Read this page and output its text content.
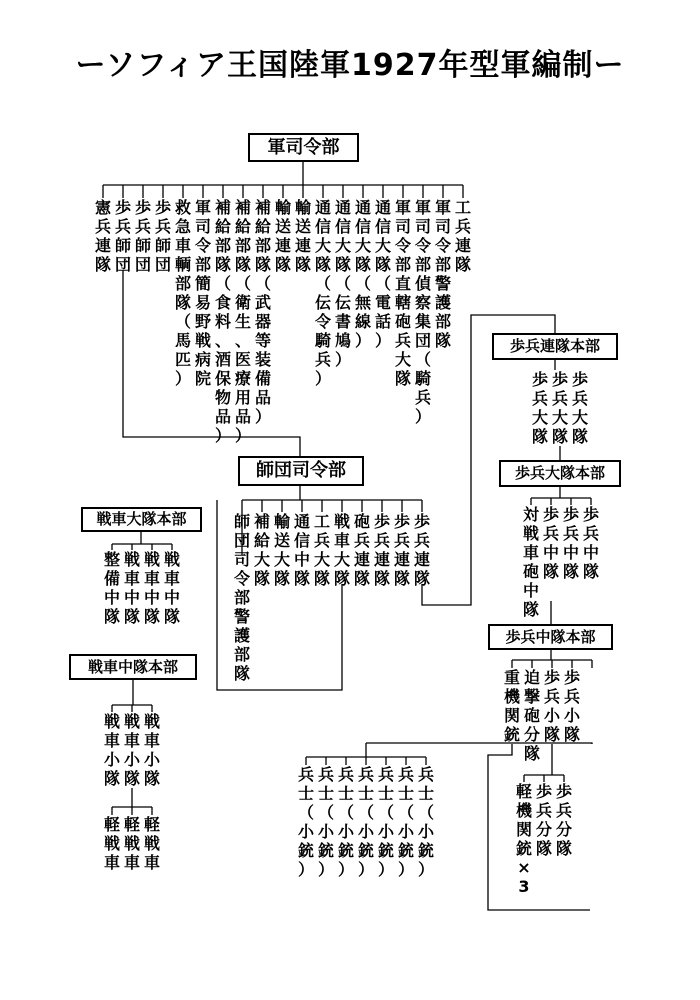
ーソフィア王国陸軍1927年型軍編制ー
軍司令部
師団司令部
戦車大隊本部
戦車中隊本部
歩兵連隊本部
歩兵大隊本部
歩兵中隊本部
憲
兵
連
隊
歩
兵
師
団
歩
兵
師
団
歩
兵
師
団
救
急
車
輌
部
隊
（
馬
匹
）
軍
司
令
部
簡
易
野
戦
病
院
補
給
部
隊
（
食
料
、
酒
保
物
品
）
補
給
部
隊
（
衛
生
、
医
療
用
品
）
補
給
部
隊
（
武
器
等
装
備
品
）
輸
送
連
隊
輸
送
連
隊
通
信
大
隊
（
伝
令
騎
兵
）
通
信
大
隊
（
伝
書
鳩
）
通
信
大
隊
（
無
線
）
通
信
大
隊
（
電
話
）
軍
司
令
部
直
轄
砲
兵
大
隊
軍
司
令
部
偵
察
集
団
（
騎
兵
）
軍
司
令
部
警
護
部
隊
工
兵
連
隊
師
団
司
令
部
警
護
部
隊
補
給
大
隊
輸
送
大
隊
通
信
中
隊
工
兵
大
隊
戦
車
大
隊
砲
兵
連
隊
歩
兵
連
隊
歩
兵
連
隊
歩
兵
連
隊
整
備
中
隊
戦
車
中
隊
戦
車
中
隊
戦
車
中
隊
戦
車
小
隊
戦
車
小
隊
戦
車
小
隊
軽
戦
車
軽
戦
車
軽
戦
車
歩
兵
大
隊
歩
兵
大
隊
歩
兵
大
隊
対
戦
車
砲
中
隊
歩
兵
中
隊
歩
兵
中
隊
歩
兵
中
隊
重
機
関
銃
迫
撃
砲
分
隊
歩
兵
小
隊
歩
兵
小
隊
軽
機
関
銃
×
3
歩
兵
分
隊
歩
兵
分
隊
兵
士
（
小
銃
）
兵
士
（
小
銃
）
兵
士
（
小
銃
）
兵
士
（
小
銃
）
兵
士
（
小
銃
）
兵
士
（
小
銃
）
兵
士
（
小
銃
）
